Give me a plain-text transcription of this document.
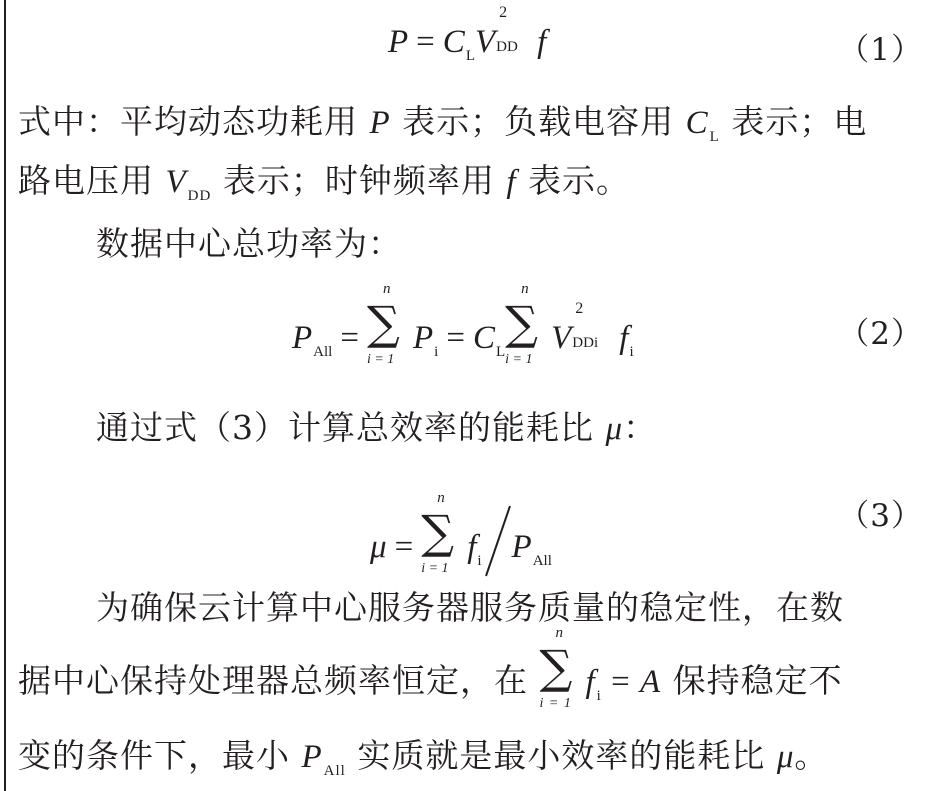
$P = C_LV$
2
DD f	（1）
式中：平均动态功耗用 P 表示；负载电容用 $C_L$ 表示；电
路电压用 $V_{DD}$ 表示；时钟频率用 f 表示。
数据中心总功率为：
$P_{All}$ =
n
∑
i = 1
$P_i = C_L$
n
∑
i = 1
V
2
DDi $f_i$	（2）
通过式（3）计算总效率的能耗比 μ：
μ =
n
∑
i = 1
$f_i$ $P_{All}$
（3）
为确保云计算中心服务器服务质量的稳定性，在数
据中心保持处理器总频率恒定，在
n
∑
i = 1
$f_i = A$ 保持稳定不
变的条件下，最小 $P_{All}$ 实质就是最小效率的能耗比 μ。
